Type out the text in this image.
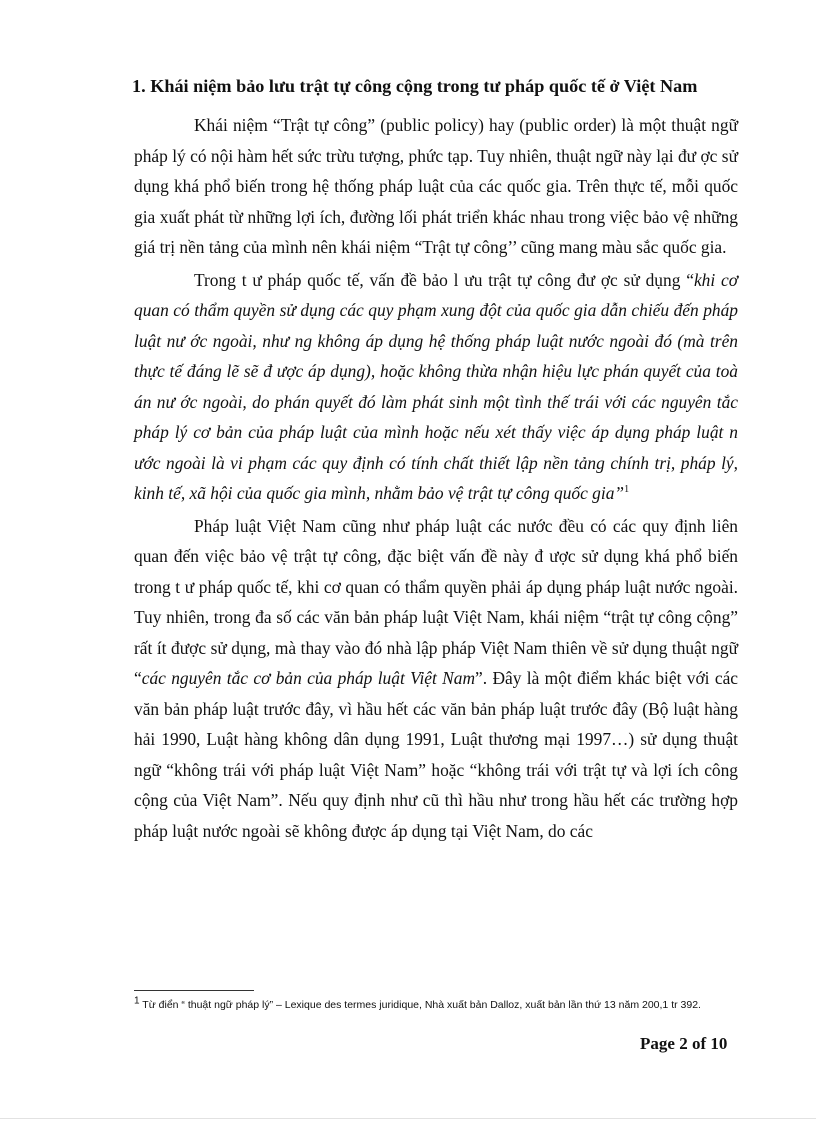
1. Khái niệm bảo lưu trật tự công cộng trong tư pháp quốc tế ở Việt Nam

Khái niệm “Trật tự công” (public policy) hay (public order) là một thuật ngữ pháp lý có nội hàm hết sức trừu tượng, phức tạp. Tuy nhiên, thuật ngữ này lại đư ợc sử dụng khá phổ biến trong hệ thống pháp luật của các quốc gia. Trên thực tế, mỗi quốc gia xuất phát từ những lợi ích, đường lối phát triển khác nhau trong việc bảo vệ những giá trị nền tảng của mình nên khái niệm “Trật tự công’’ cũng mang màu sắc quốc gia.

Trong t ư pháp quốc tế, vấn đề bảo l ưu trật tự công đư ợc sử dụng “khi cơ quan có thẩm quyền sử dụng các quy phạm xung đột của quốc gia dẫn chiếu đến pháp luật nư ớc ngoài, như ng không áp dụng hệ thống pháp luật nước ngoài đó (mà trên thực tế đáng lẽ sẽ đ ược áp dụng), hoặc không thừa nhận hiệu lực phán quyết của toà án nư ớc ngoài, do phán quyết đó làm phát sinh một tình thế trái với các nguyên tắc pháp lý cơ bản của pháp luật của mình hoặc nếu xét thấy việc áp dụng pháp luật n ước ngoài là vi phạm các quy định có tính chất thiết lập nền tảng chính trị, pháp lý, kinh tế, xã hội của quốc gia mình, nhằm bảo vệ trật tự công quốc gia”$^1$

Pháp luật Việt Nam cũng như pháp luật các nước đều có các quy định liên quan đến việc bảo vệ trật tự công, đặc biệt vấn đề này đ ược sử dụng khá phổ biến trong t ư pháp quốc tế, khi cơ quan có thẩm quyền phải áp dụng pháp luật nước ngoài. Tuy nhiên, trong đa số các văn bản pháp luật Việt Nam, khái niệm “trật tự công cộng” rất ít được sử dụng, mà thay vào đó nhà lập pháp Việt Nam thiên về sử dụng thuật ngữ “các nguyên tắc cơ bản của pháp luật Việt Nam”. Đây là một điểm khác biệt với các văn bản pháp luật trước đây, vì hầu hết các văn bản pháp luật trước đây (Bộ luật hàng hải 1990, Luật hàng không dân dụng 1991, Luật thương mại 1997…) sử dụng thuật ngữ “không trái với pháp luật Việt Nam” hoặc “không trái với trật tự và lợi ích công cộng của Việt Nam”. Nếu quy định như cũ thì hầu như trong hầu hết các trường hợp pháp luật nước ngoài sẽ không được áp dụng tại Việt Nam, do các

$^1$ Từ điển “ thuật ngữ pháp lý” – Lexique des termes juridique, Nhà xuất bản Dalloz, xuất bản lần thứ 13 năm 200,1 tr 392.
Page 2 of 10
